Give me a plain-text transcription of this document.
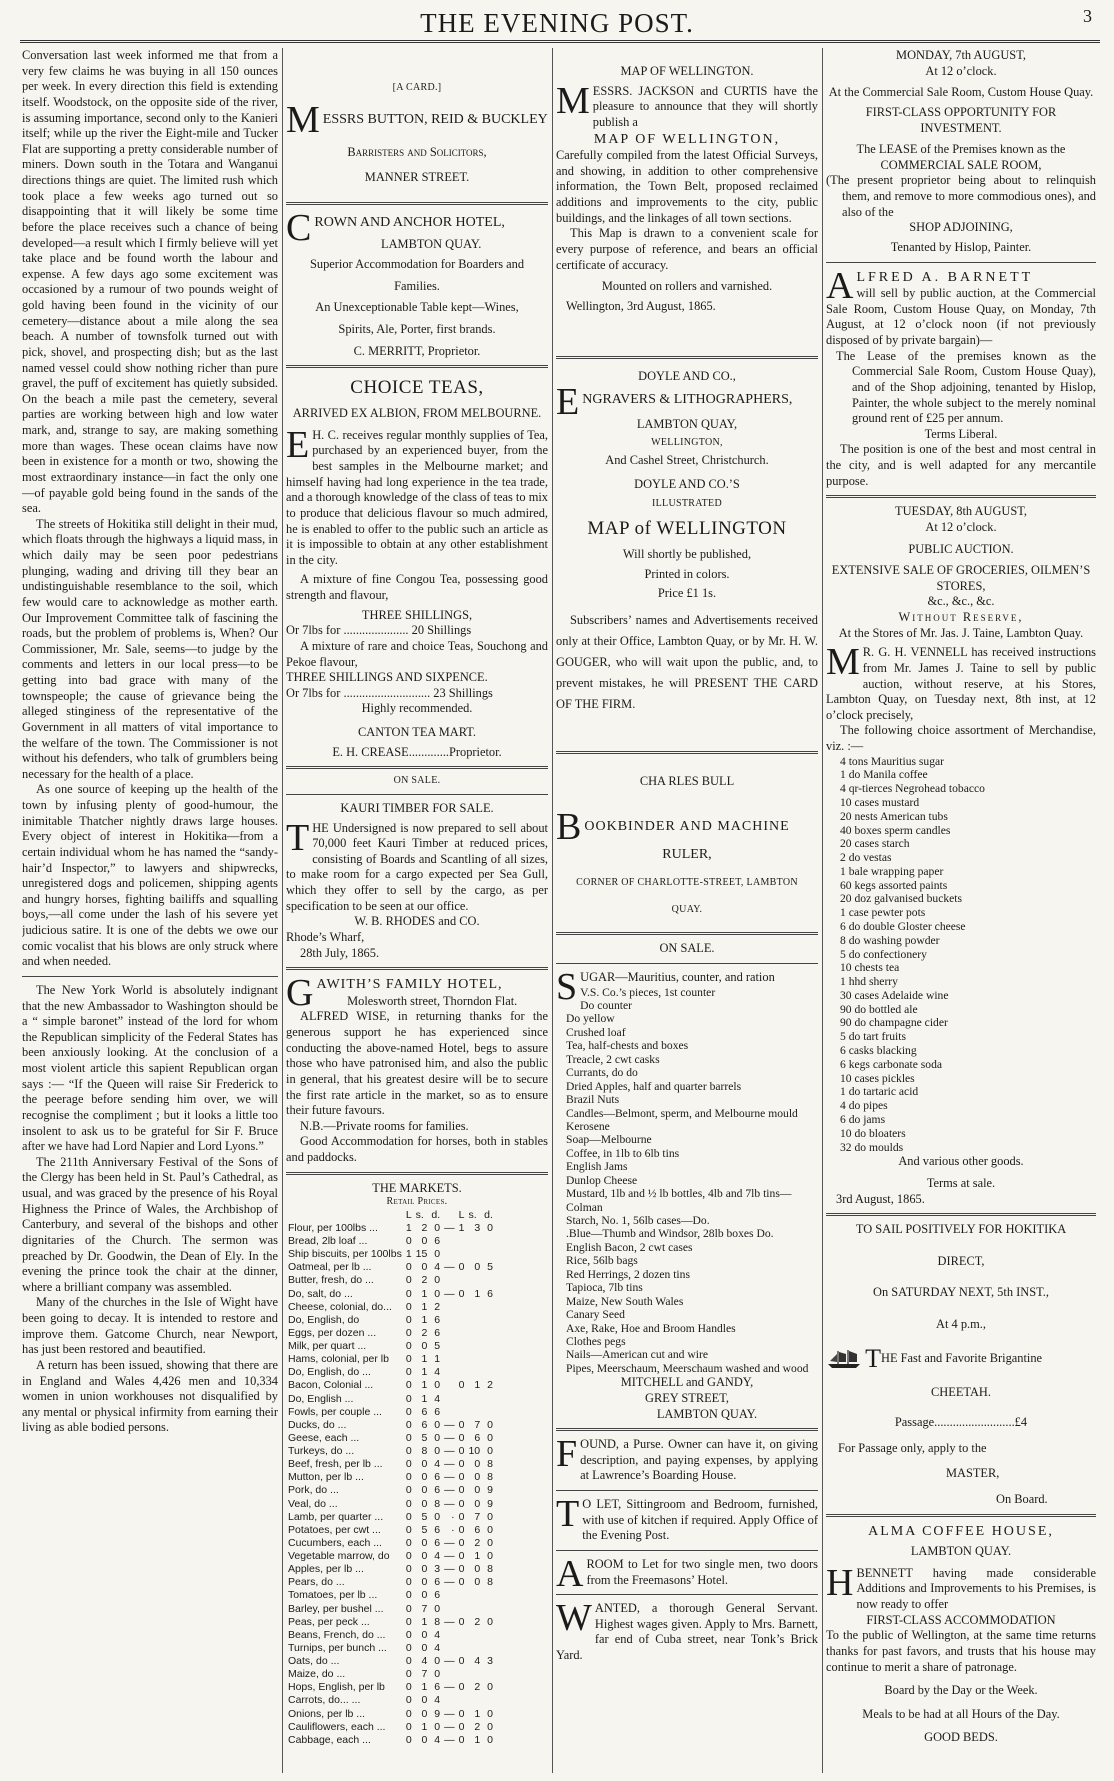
THE EVENING POST.	3

Conversation last week informed me that from a very few claims he was buying in all 150 ounces per week. In every direction this field is extending itself. Woodstock, on the opposite side of the river, is assuming importance, second only to the Kanieri itself; while up the river the Eight-mile and Tucker Flat are supporting a pretty considerable number of miners. Down south in the Totara and Wanganui directions things are quiet. The limited rush which took place a few weeks ago turned out so disappointing that it will likely be some time before the place receives such a chance of being developed—a result which I firmly believe will yet take place and be found worth the labour and expense. A few days ago some excitement was occasioned by a rumour of two pounds weight of gold having been found in the vicinity of our cemetery—distance about a mile along the sea beach. A number of townsfolk turned out with pick, shovel, and prospecting dish; but as the last named vessel could show nothing richer than pure gravel, the puff of excitement has quietly subsided. On the beach a mile past the cemetery, several parties are working between high and low water mark, and, strange to say, are making something more than wages. These ocean claims have now been in existence for a month or two, showing the most extraordinary instance—in fact the only one—of payable gold being found in the sands of the sea.

The streets of Hokitika still delight in their mud, which floats through the highways a liquid mass, in which daily may be seen poor pedestrians plunging, wading and driving till they bear an undistinguishable resemblance to the soil, which few would care to acknowledge as mother earth. Our Improvement Committee talk of fascining the roads, but the problem of problems is, When? Our Commissioner, Mr. Sale, seems—to judge by the comments and letters in our local press—to be getting into bad grace with many of the townspeople; the cause of grievance being the alleged stinginess of the representative of the Government in all matters of vital importance to the welfare of the town. The Commissioner is not without his defenders, who talk of grumblers being necessary for the health of a place.

As one source of keeping up the health of the town by infusing plenty of good-humour, the inimitable Thatcher nightly draws large houses. Every object of interest in Hokitika—from a certain individual whom he has named the “sandy-hair’d Inspector,” to lawyers and shipwrecks, unregistered dogs and policemen, shipping agents and hungry horses, fighting bailiffs and squalling boys,—all come under the lash of his severe yet judicious satire. It is one of the debts we owe our comic vocalist that his blows are only struck where and when needed.

The New York World is absolutely indignant that the new Ambassador to Washington should be a “ simple baronet” instead of the lord for whom the Republican simplicity of the Federal States has been anxiously looking. At the conclusion of a most violent article this sapient Republican organ says :— “If the Queen will raise Sir Frederick to the peerage before sending him over, we will recognise the compliment ; but it looks a little too insolent to ask us to be grateful for Sir F. Bruce after we have had Lord Napier and Lord Lyons.”

The 211th Anniversary Festival of the Sons of the Clergy has been held in St. Paul’s Cathedral, as usual, and was graced by the presence of his Royal Highness the Prince of Wales, the Archbishop of Canterbury, and several of the bishops and other dignitaries of the Church. The sermon was preached by Dr. Goodwin, the Dean of Ely. In the evening the prince took the chair at the dinner, where a brilliant company was assembled.

Many of the churches in the Isle of Wight have been going to decay. It is intended to restore and improve them. Gatcome Church, near Newport, has just been restored and beautified.

A return has been issued, showing that there are in England and Wales 4,426 men and 10,334 women in union workhouses not disqualified by any mental or physical infirmity from earning their living as able bodied persons.

[A CARD.]
M ESSRS BUTTON, REID & BUCKLEY
Barristers and Solicitors,
MANNER STREET.
C ROWN AND ANCHOR HOTEL,
LAMBTON QUAY.
Superior Accommodation for Boarders and
Families.
An Unexceptionable Table kept—Wines,
Spirits, Ale, Porter, first brands.
C. MERRITT, Proprietor.
CHOICE TEAS,
ARRIVED EX ALBION, FROM MELBOURNE.

E H. C. receives regular monthly supplies of Tea, purchased by an experienced buyer, from the best samples in the Melbourne market; and himself having had long experience in the tea trade, and a thorough knowledge of the class of teas to mix to produce that delicious flavour so much admired, he is enabled to offer to the public such an article as it is impossible to obtain at any other establishment in the city.

A mixture of fine Congou Tea, possessing good strength and flavour,

THREE SHILLINGS,
Or 7lbs for ..................... 20 Shillings

A mixture of rare and choice Teas, Souchong and Pekoe flavour,

THREE SHILLINGS AND SIXPENCE.
Or 7lbs for ............................ 23 Shillings
Highly recommended.
CANTON TEA MART.
E. H. CREASE.............Proprietor.
ON SALE.
KAURI TIMBER FOR SALE.

THE Undersigned is now prepared to sell about 70,000 feet Kauri Timber at reduced prices, consisting of Boards and Scantling of all sizes, to make room for a cargo expected per Sea Gull, which they offer to sell by the cargo, as per specification to be seen at our office.

W. B. RHODES and CO.
Rhode’s Wharf,
28th July, 1865.
G AWITH’S FAMILY HOTEL,
Molesworth street, Thorndon Flat.

ALFRED WISE, in returning thanks for the generous support he has experienced since conducting the above-named Hotel, begs to assure those who have patronised him, and also the public in general, that his greatest desire will be to secure the first rate article in the market, so as to ensure their future favours.

N.B.—Private rooms for families.

Good Accommodation for horses, both in stables and paddocks.

THE MARKETS.
Retail Prices.
	L	s.	d.		L	s.	d.
Flour, per 100lbs ...	1	2	0	—	1	3	0
Bread, 2lb loaf ...	0	0	6				
Ship biscuits, per 100lbs	1	15	0				
Oatmeal, per lb ...	0	0	4	—	0	0	5
Butter, fresh, do ...	0	2	0				
Do, salt, do ...	0	1	0	—	0	1	6
Cheese, colonial, do...	0	1	2				
Do, English, do	0	1	6				
Eggs, per dozen ...	0	2	6				
Milk, per quart ...	0	0	5				
Hams, colonial, per lb	0	1	1				
Do, English, do ...	0	1	4				
Bacon, Colonial ...	0	1	0		0	1	2
Do, English ...	0	1	4				
Fowls, per couple ...	0	6	6				
Ducks, do ...	0	6	0	—	0	7	0
Geese, each ...	0	5	0	—	0	6	0
Turkeys, do ...	0	8	0	—	0	10	0
Beef, fresh, per lb ...	0	0	4	—	0	0	8
Mutton, per lb ...	0	0	6	—	0	0	8
Pork, do ...	0	0	6	—	0	0	9
Veal, do ...	0	0	8	—	0	0	9
Lamb, per quarter ...	0	5	0	·	0	7	0
Potatoes, per cwt ...	0	5	6	·	0	6	0
Cucumbers, each ...	0	0	6	—	0	2	0
Vegetable marrow, do	0	0	4	—	0	1	0
Apples, per lb ...	0	0	3	—	0	0	8
Pears, do ...	0	0	6	—	0	0	8
Tomatoes, per lb ...	0	0	6				
Barley, per bushel ...	0	7	0				
Peas, per peck ...	0	1	8	—	0	2	0
Beans, French, do ...	0	0	4				
Turnips, per bunch ...	0	0	4				
Oats, do ...	0	4	0	—	0	4	3
Maize, do ...	0	7	0				
Hops, English, per lb	0	1	6	—	0	2	0
Carrots, do... ...	0	0	4				
Onions, per lb ...	0	0	9	—	0	1	0
Cauliflowers, each ...	0	1	0	—	0	2	0
Cabbage, each ...	0	0	4	—	0	1	0
MAP OF WELLINGTON.

MESSRS. JACKSON and CURTIS have the pleasure to announce that they will shortly publish a

MAP OF WELLINGTON,

Carefully compiled from the latest Official Surveys, and showing, in addition to other comprehensive information, the Town Belt, proposed reclaimed additions and improvements to the city, public buildings, and the linkages of all town sections.

This Map is drawn to a convenient scale for every purpose of reference, and bears an official certificate of accuracy.

Mounted on rollers and varnished.
Wellington, 3rd August, 1865.
DOYLE AND CO.,
E NGRAVERS & LITHOGRAPHERS,
LAMBTON QUAY,
WELLINGTON,
And Cashel Street, Christchurch.
DOYLE AND CO.’S
ILLUSTRATED
MAP of WELLINGTON
Will shortly be published,
Printed in colors.
Price £1 1s.

Subscribers’ names and Advertisements received only at their Office, Lambton Quay, or by Mr. H. W. GOUGER, who will wait upon the public, and, to prevent mistakes, he will PRESENT THE CARD OF THE FIRM.

CHA RLES BULL
B OOKBINDER AND MACHINE
RULER,
CORNER OF CHARLOTTE-STREET, LAMBTON
QUAY.
ON SALE.
S UGAR—Mauritius, counter, and ration
V.S. Co.’s pieces, 1st counter
Do counter
Do yellow
Crushed loaf
Tea, half-chests and boxes
Treacle, 2 cwt casks
Currants, do do
Dried Apples, half and quarter barrels
Brazil Nuts
Candles—Belmont, sperm, and Melbourne mould
Kerosene
Soap—Melbourne
Coffee, in 1lb to 6lb tins
English Jams
Dunlop Cheese
Mustard, 1lb and ½ lb bottles, 4lb and 7lb tins—Colman
Starch, No. 1, 56lb cases—Do.
.Blue—Thumb and Windsor, 28lb boxes Do.
English Bacon, 2 cwt cases
Rice, 56lb bags
Red Herrings, 2 dozen tins
Tapioca, 7lb tins
Maize, New South Wales
Canary Seed
Axe, Rake, Hoe and Broom Handles
Clothes pegs
Nails—American cut and wire
Pipes, Meerschaum, Meerschaum washed and wood
MITCHELL and GANDY,
GREY STREET,
LAMBTON QUAY.

FOUND, a Purse. Owner can have it, on giving description, and paying expenses, by applying at Lawrence’s Boarding House.

T O LET, Sittingroom and Bedroom, furnished, with use of kitchen if required. Apply Office of the Evening Post.

AROOM to Let for two single men, two doors from the Freemasons’ Hotel.

WANTED, a thorough General Servant. Highest wages given. Apply to Mrs. Barnett, far end of Cuba street, near Tonk’s Brick Yard.

MONDAY, 7th AUGUST,
At 12 o’clock.
At the Commercial Sale Room, Custom House Quay.
FIRST-CLASS OPPORTUNITY FOR INVESTMENT.
The LEASE of the Premises known as the
COMMERCIAL SALE ROOM,

(The present proprietor being about to relinquish them, and remove to more commodious ones), and also of the

SHOP ADJOINING,
Tenanted by Hislop, Painter.
A LFRED A. BARNETT

will sell by public auction, at the Commercial Sale Room, Custom House Quay, on Monday, 7th August, at 12 o’clock noon (if not previously disposed of by private bargain)—

The Lease of the premises known as the Commercial Sale Room, Custom House Quay), and of the Shop adjoining, tenanted by Hislop, Painter, the whole subject to the merely nominal ground rent of £25 per annum.

Terms Liberal.

The position is one of the best and most central in the city, and is well adapted for any mercantile purpose.

TUESDAY, 8th AUGUST,
At 12 o’clock.
PUBLIC AUCTION.
EXTENSIVE SALE OF GROCERIES, OILMEN’S STORES,
&c., &c., &c.
Without Reserve,
At the Stores of Mr. Jas. J. Taine, Lambton Quay.

M R. G. H. VENNELL has received instructions from Mr. James J. Taine to sell by public auction, without reserve, at his Stores, Lambton Quay, on Tuesday next, 8th inst, at 12 o’clock precisely,

The following choice assortment of Merchandise, viz. :—

4 tons Mauritius sugar
1 do Manila coffee
4 qr-tierces Negrohead tobacco
10 cases mustard
20 nests American tubs
40 boxes sperm candles
20 cases starch
2 do vestas
1 bale wrapping paper
60 kegs assorted paints
20 doz galvanised buckets
1 case pewter pots
6 do double Gloster cheese
8 do washing powder
5 do confectionery
10 chests tea
1 hhd sherry
30 cases Adelaide wine
90 do bottled ale
90 do champagne cider
5 do tart fruits
6 casks blacking
6 kegs carbonate soda
10 cases pickles
1 do tartaric acid
4 do pipes
6 do jams
10 do bloaters
32 do moulds
And various other goods.
Terms at sale.
3rd August, 1865.
TO SAIL POSITIVELY FOR HOKITIKA
DIRECT,
On SATURDAY NEXT, 5th INST.,
At 4 p.m.,
THE Fast and Favorite Brigantine
CHEETAH.
Passage..........................£4
For Passage only, apply to the
MASTER,
On Board.
ALMA COFFEE HOUSE,
LAMBTON QUAY.

HBENNETT having made considerable Additions and Improvements to his Premises, is now ready to offer

FIRST-CLASS ACCOMMODATION

To the public of Wellington, at the same time returns thanks for past favors, and trusts that his house may continue to merit a share of patronage.

Board by the Day or the Week.
Meals to be had at all Hours of the Day.
GOOD BEDS.
